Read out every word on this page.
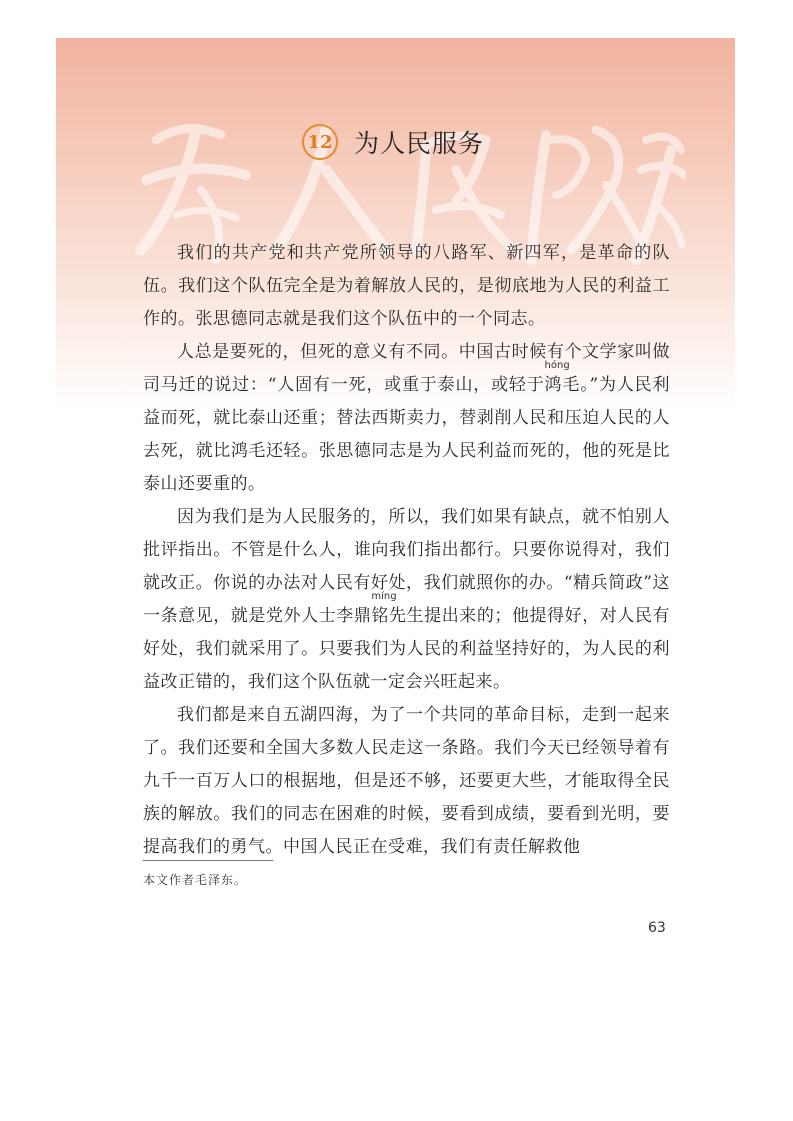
12 为人民服务

我们的共产党和共产党所领导的八路军、新四军，是革命的队伍。我们这个队伍完全是为着解放人民的，是彻底地为人民的利益工作的。张思德同志就是我们这个队伍中的一个同志。

人总是要死的，但死的意义有不同。中国古时候有个文学家叫做司马迁的说过：“人固有一死，或重于泰山，或轻于
hóng
鸿毛。”为人民利益而死，就比泰山还重；替法西斯卖力，替剥削人民和压迫人民的人去死，就比鸿毛还轻。张思德同志是为人民利益而死的，他的死是比泰山还要重的。

因为我们是为人民服务的，所以，我们如果有缺点，就不怕别人批评指出。不管是什么人，谁向我们指出都行。只要你说得对，我们就改正。你说的办法对人民有好处，我们就照你的办。“精兵简政”这一条意见，就是党外人士李鼎
míng
铭先生提出来的；他提得好，对人民有好处，我们就采用了。只要我们为人民的利益坚持好的，为人民的利益改正错的，我们这个队伍就一定会兴旺起来。

我们都是来自五湖四海，为了一个共同的革命目标，走到一起来了。我们还要和全国大多数人民走这一条路。我们今天已经领导着有九千一百万人口的根据地，但是还不够，还要更大些，才能取得全民族的解放。我们的同志在困难的时候，要看到成绩，要看到光明，要提高我们的勇气。中国人民正在受难，我们有责任解救他

本文作者毛泽东。
63
